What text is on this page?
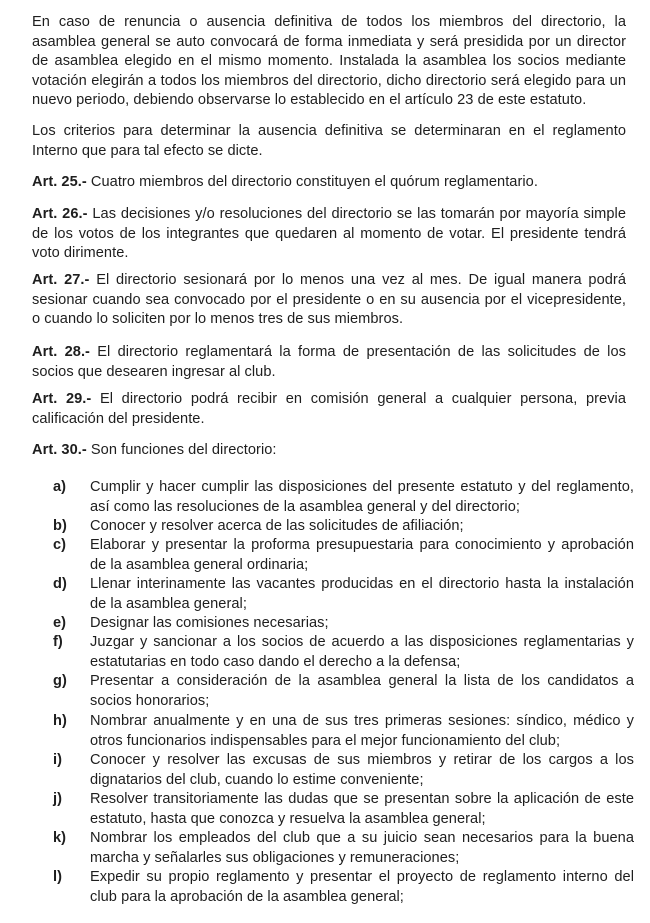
En caso de renuncia o ausencia definitiva de todos los miembros del directorio, la asamblea general se auto convocará de forma inmediata y será presidida por un director de asamblea elegido en el mismo momento. Instalada la asamblea los socios mediante votación elegirán a todos los miembros del directorio, dicho directorio será elegido para un nuevo periodo, debiendo observarse lo establecido en el artículo 23 de este estatuto.

Los criterios para determinar la ausencia definitiva se determinaran en el reglamento Interno que para tal efecto se dicte.

Art. 25.- Cuatro miembros del directorio constituyen el quórum reglamentario.

Art. 26.- Las decisiones y/o resoluciones del directorio se las tomarán por mayoría simple de los votos de los integrantes que quedaren al momento de votar. El presidente tendrá voto dirimente.

Art. 27.- El directorio sesionará por lo menos una vez al mes. De igual manera podrá sesionar cuando sea convocado por el presidente o en su ausencia por el vicepresidente, o cuando lo soliciten por lo menos tres de sus miembros.

Art. 28.- El directorio reglamentará la forma de presentación de las solicitudes de los socios que desearen ingresar al club.

Art. 29.- El directorio podrá recibir en comisión general a cualquier persona, previa calificación del presidente.

Art. 30.- Son funciones del directorio:

a)	Cumplir y hacer cumplir las disposiciones del presente estatuto y del reglamento, así como las resoluciones de la asamblea general y del directorio;
b)	Conocer y resolver acerca de las solicitudes de afiliación;
c)	Elaborar y presentar la proforma presupuestaria para conocimiento y aprobación de la asamblea general ordinaria;
d)	Llenar interinamente las vacantes producidas en el directorio hasta la instalación de la asamblea general;
e)	Designar las comisiones necesarias;
f)	Juzgar y sancionar a los socios de acuerdo a las disposiciones reglamentarias y estatutarias en todo caso dando el derecho a la defensa;
g)	Presentar a consideración de la asamblea general la lista de los candidatos a socios honorarios;
h)	Nombrar anualmente y en una de sus tres primeras sesiones: síndico, médico y otros funcionarios indispensables para el mejor funcionamiento del club;
i)	Conocer y resolver las excusas de sus miembros y retirar de los cargos a los dignatarios del club, cuando lo estime conveniente;
j)	Resolver transitoriamente las dudas que se presentan sobre la aplicación de este estatuto, hasta que conozca y resuelva la asamblea general;
k)	Nombrar los empleados del club que a su juicio sean necesarios para la buena marcha y señalarles sus obligaciones y remuneraciones;
l)	Expedir su propio reglamento y presentar el proyecto de reglamento interno del club para la aprobación de la asamblea general;
